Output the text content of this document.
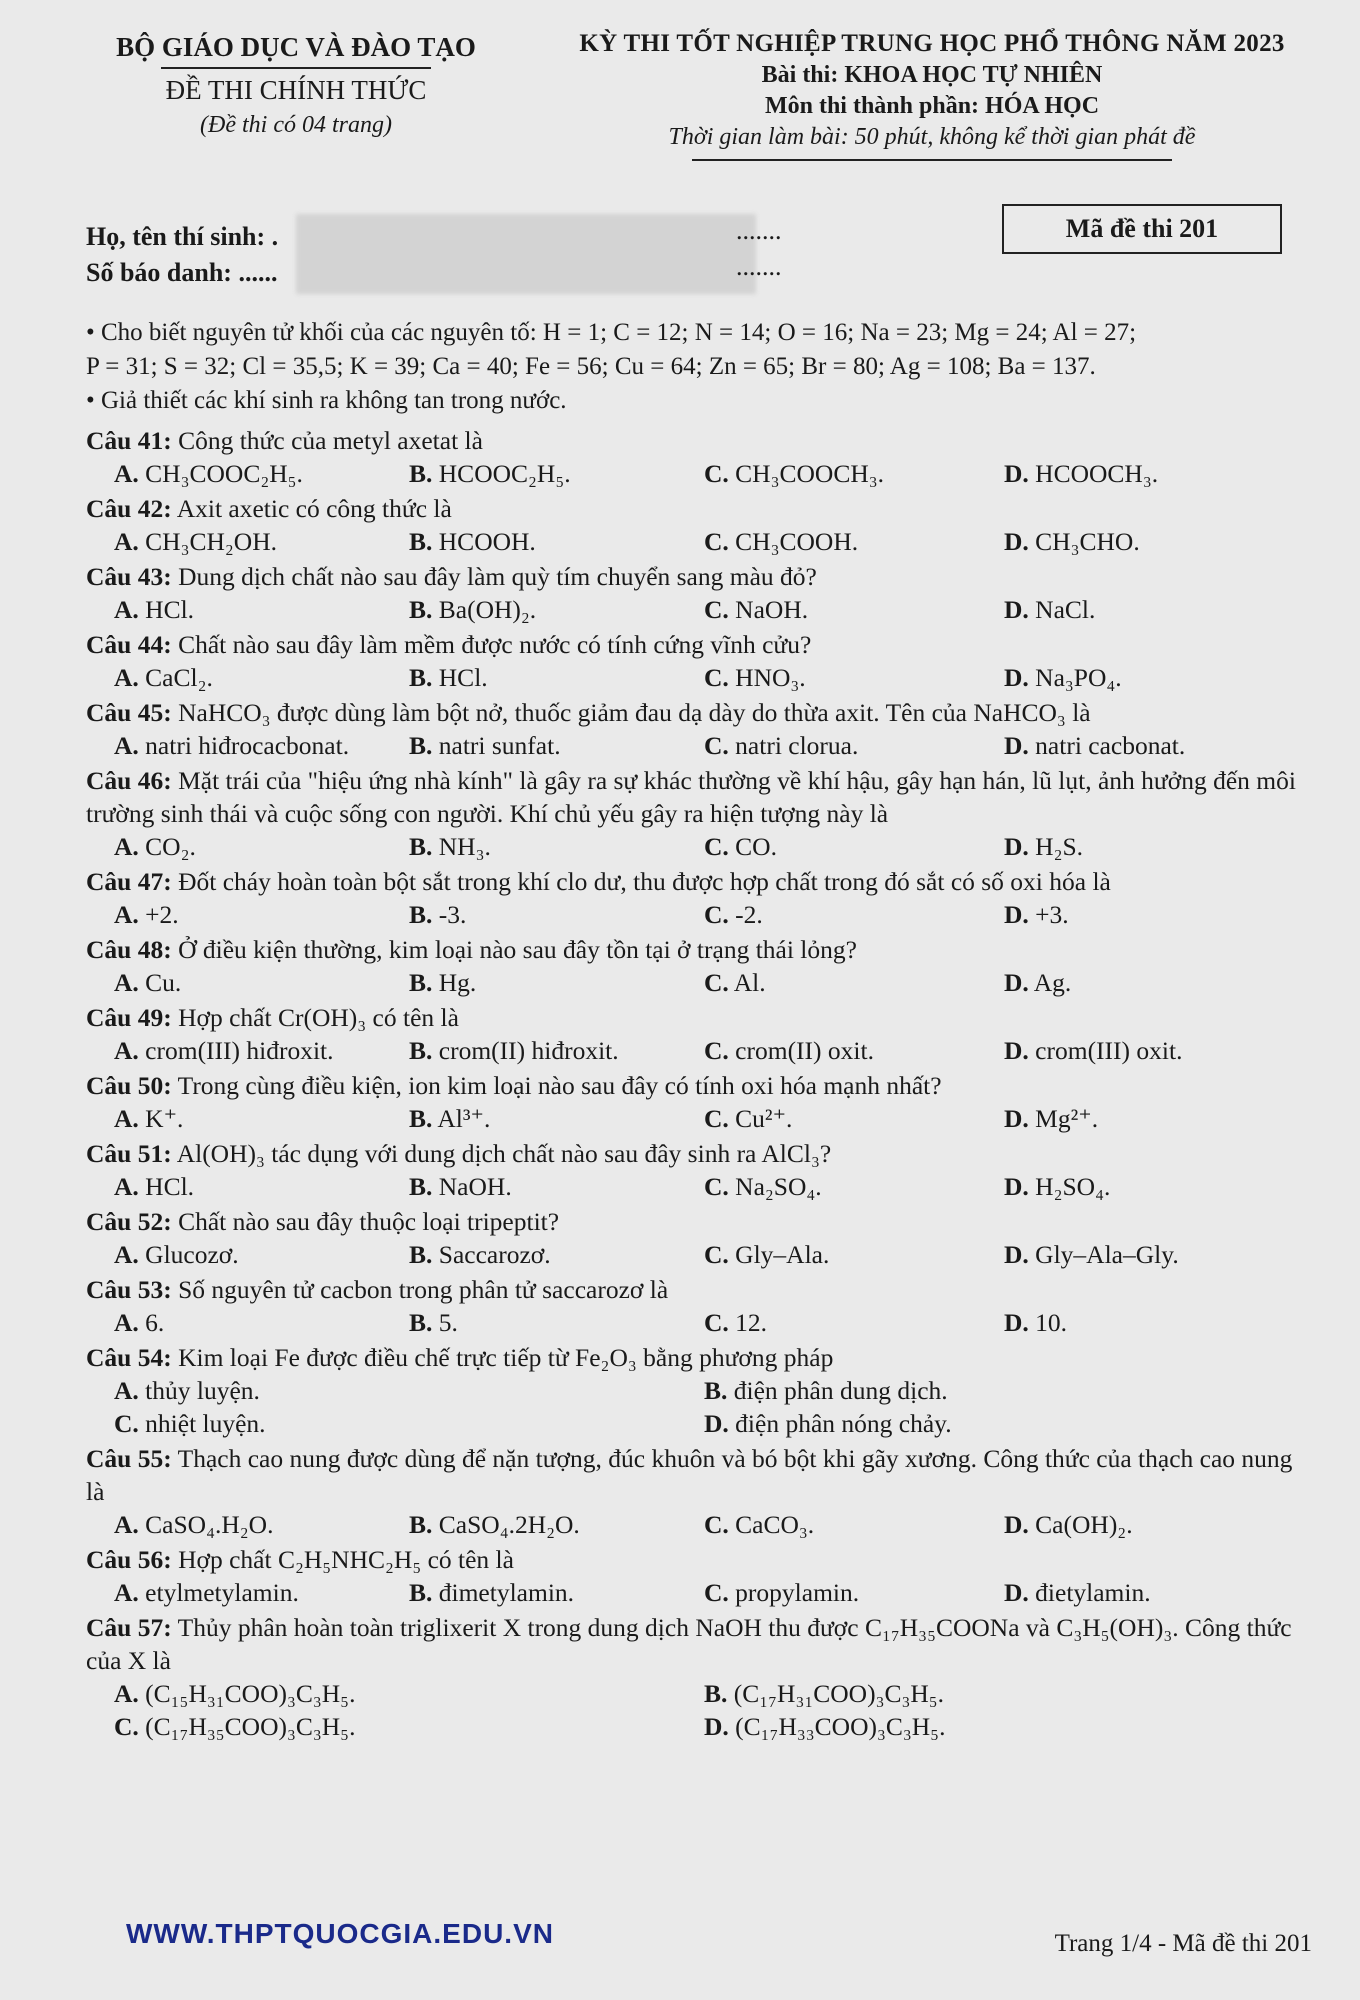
BỘ GIÁO DỤC VÀ ĐÀO TẠO
ĐỀ THI CHÍNH THỨC
(Đề thi có 04 trang)
KỲ THI TỐT NGHIỆP TRUNG HỌC PHỔ THÔNG NĂM 2023
Bài thi: KHOA HỌC TỰ NHIÊN
Môn thi thành phần: HÓA HỌC
Thời gian làm bài: 50 phút, không kể thời gian phát đề
Họ, tên thí sinh: .
Số báo danh: ......
.......
.......
Mã đề thi 201

• Cho biết nguyên tử khối của các nguyên tố: H = 1; C = 12; N = 14; O = 16; Na = 23; Mg = 24; Al = 27;

P = 31; S = 32; Cl = 35,5; K = 39; Ca = 40; Fe = 56; Cu = 64; Zn = 65; Br = 80; Ag = 108; Ba = 137.

• Giả thiết các khí sinh ra không tan trong nước.

Câu 41: Công thức của metyl axetat là
A. CH₃COOC₂H₅.	B. HCOOC₂H₅.	C. CH₃COOCH₃.	D. HCOOCH₃.
Câu 42: Axit axetic có công thức là
A. CH₃CH₂OH.	B. HCOOH.	C. CH₃COOH.	D. CH₃CHO.
Câu 43: Dung dịch chất nào sau đây làm quỳ tím chuyển sang màu đỏ?
A. HCl.	B. Ba(OH)₂.	C. NaOH.	D. NaCl.
Câu 44: Chất nào sau đây làm mềm được nước có tính cứng vĩnh cửu?
A. CaCl₂.	B. HCl.	C. HNO₃.	D. Na₃PO₄.
Câu 45: NaHCO₃ được dùng làm bột nở, thuốc giảm đau dạ dày do thừa axit. Tên của NaHCO₃ là
A. natri hiđrocacbonat.	B. natri sunfat.	C. natri clorua.	D. natri cacbonat.
Câu 46: Mặt trái của "hiệu ứng nhà kính" là gây ra sự khác thường về khí hậu, gây hạn hán, lũ lụt, ảnh hưởng đến môi trường sinh thái và cuộc sống con người. Khí chủ yếu gây ra hiện tượng này là
A. CO₂.	B. NH₃.	C. CO.	D. H₂S.
Câu 47: Đốt cháy hoàn toàn bột sắt trong khí clo dư, thu được hợp chất trong đó sắt có số oxi hóa là
A. +2.	B. -3.	C. -2.	D. +3.
Câu 48: Ở điều kiện thường, kim loại nào sau đây tồn tại ở trạng thái lỏng?
A. Cu.	B. Hg.	C. Al.	D. Ag.
Câu 49: Hợp chất Cr(OH)₃ có tên là
A. crom(III) hiđroxit.	B. crom(II) hiđroxit.	C. crom(II) oxit.	D. crom(III) oxit.
Câu 50: Trong cùng điều kiện, ion kim loại nào sau đây có tính oxi hóa mạnh nhất?
A. K⁺.	B. Al³⁺.	C. Cu²⁺.	D. Mg²⁺.
Câu 51: Al(OH)₃ tác dụng với dung dịch chất nào sau đây sinh ra AlCl₃?
A. HCl.	B. NaOH.	C. Na₂SO₄.	D. H₂SO₄.
Câu 52: Chất nào sau đây thuộc loại tripeptit?
A. Glucozơ.	B. Saccarozơ.	C. Gly–Ala.	D. Gly–Ala–Gly.
Câu 53: Số nguyên tử cacbon trong phân tử saccarozơ là
A. 6.	B. 5.	C. 12.	D. 10.
Câu 54: Kim loại Fe được điều chế trực tiếp từ Fe₂O₃ bằng phương pháp
A. thủy luyện.	B. điện phân dung dịch.
C. nhiệt luyện.	D. điện phân nóng chảy.
Câu 55: Thạch cao nung được dùng để nặn tượng, đúc khuôn và bó bột khi gãy xương. Công thức của thạch cao nung là
A. CaSO₄.H₂O.	B. CaSO₄.2H₂O.	C. CaCO₃.	D. Ca(OH)₂.
Câu 56: Hợp chất C₂H₅NHC₂H₅ có tên là
A. etylmetylamin.	B. đimetylamin.	C. propylamin.	D. đietylamin.
Câu 57: Thủy phân hoàn toàn triglixerit X trong dung dịch NaOH thu được C₁₇H₃₅COONa và C₃H₅(OH)₃. Công thức của X là
A. (C₁₅H₃₁COO)₃C₃H₅.	B. (C₁₇H₃₁COO)₃C₃H₅.
C. (C₁₇H₃₅COO)₃C₃H₅.	D. (C₁₇H₃₃COO)₃C₃H₅.
WWW.THPTQUOCGIA.EDU.VN	Trang 1/4 - Mã đề thi 201
